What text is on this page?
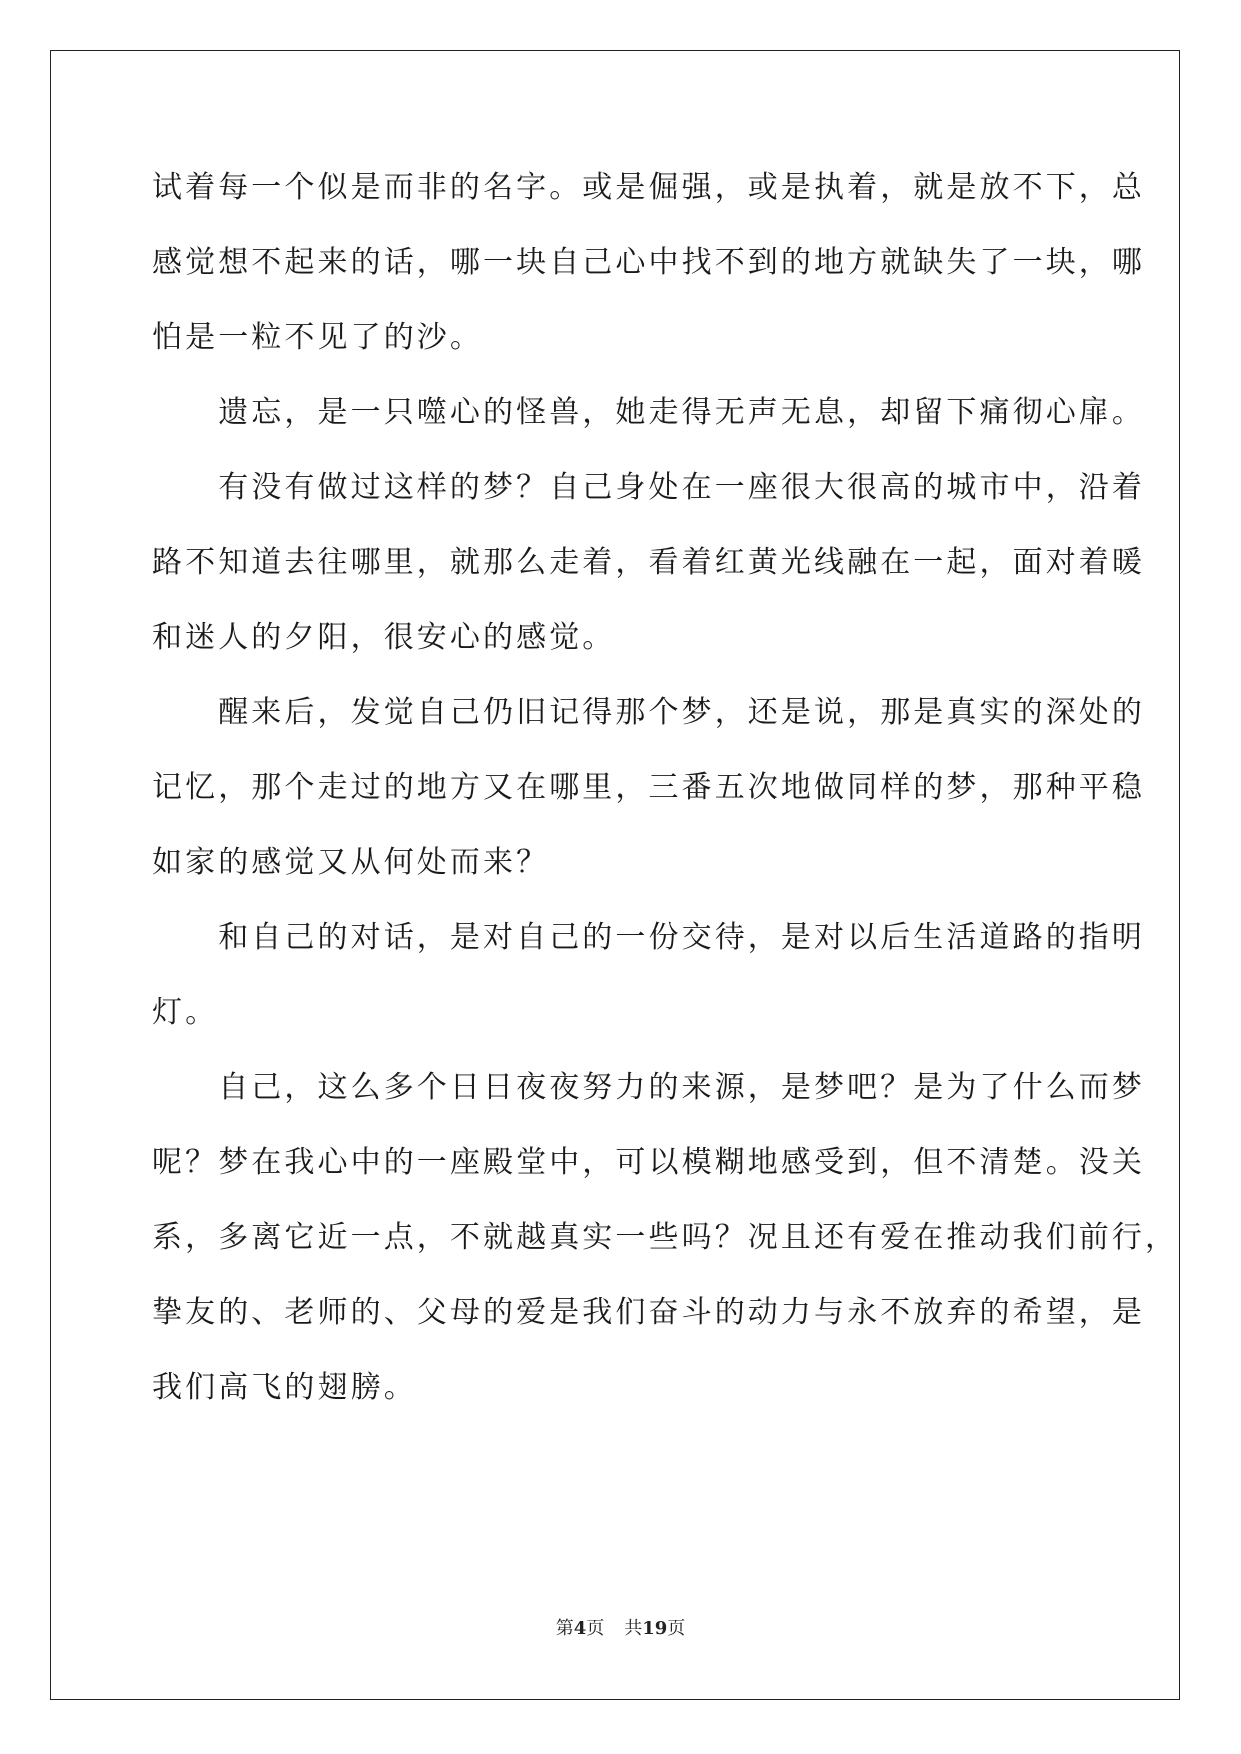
试着每一个似是而非的名字。或是倔强，或是执着，就是放不下，总
感觉想不起来的话，哪一块自己心中找不到的地方就缺失了一块，哪
怕是一粒不见了的沙。
　　遗忘，是一只噬心的怪兽，她走得无声无息，却留下痛彻心扉。
　　有没有做过这样的梦？自己身处在一座很大很高的城市中，沿着
路不知道去往哪里，就那么走着，看着红黄光线融在一起，面对着暖
和迷人的夕阳，很安心的感觉。
　　醒来后，发觉自己仍旧记得那个梦，还是说，那是真实的深处的
记忆，那个走过的地方又在哪里，三番五次地做同样的梦，那种平稳
如家的感觉又从何处而来？
　　和自己的对话，是对自己的一份交待，是对以后生活道路的指明
灯。
　　自己，这么多个日日夜夜努力的来源，是梦吧？是为了什么而梦
呢？梦在我心中的一座殿堂中，可以模糊地感受到，但不清楚。没关
系，多离它近一点，不就越真实一些吗？况且还有爱在推动我们前行，
挚友的、老师的、父母的爱是我们奋斗的动力与永不放弃的希望，是
我们高飞的翅膀。
第4页 共19页
